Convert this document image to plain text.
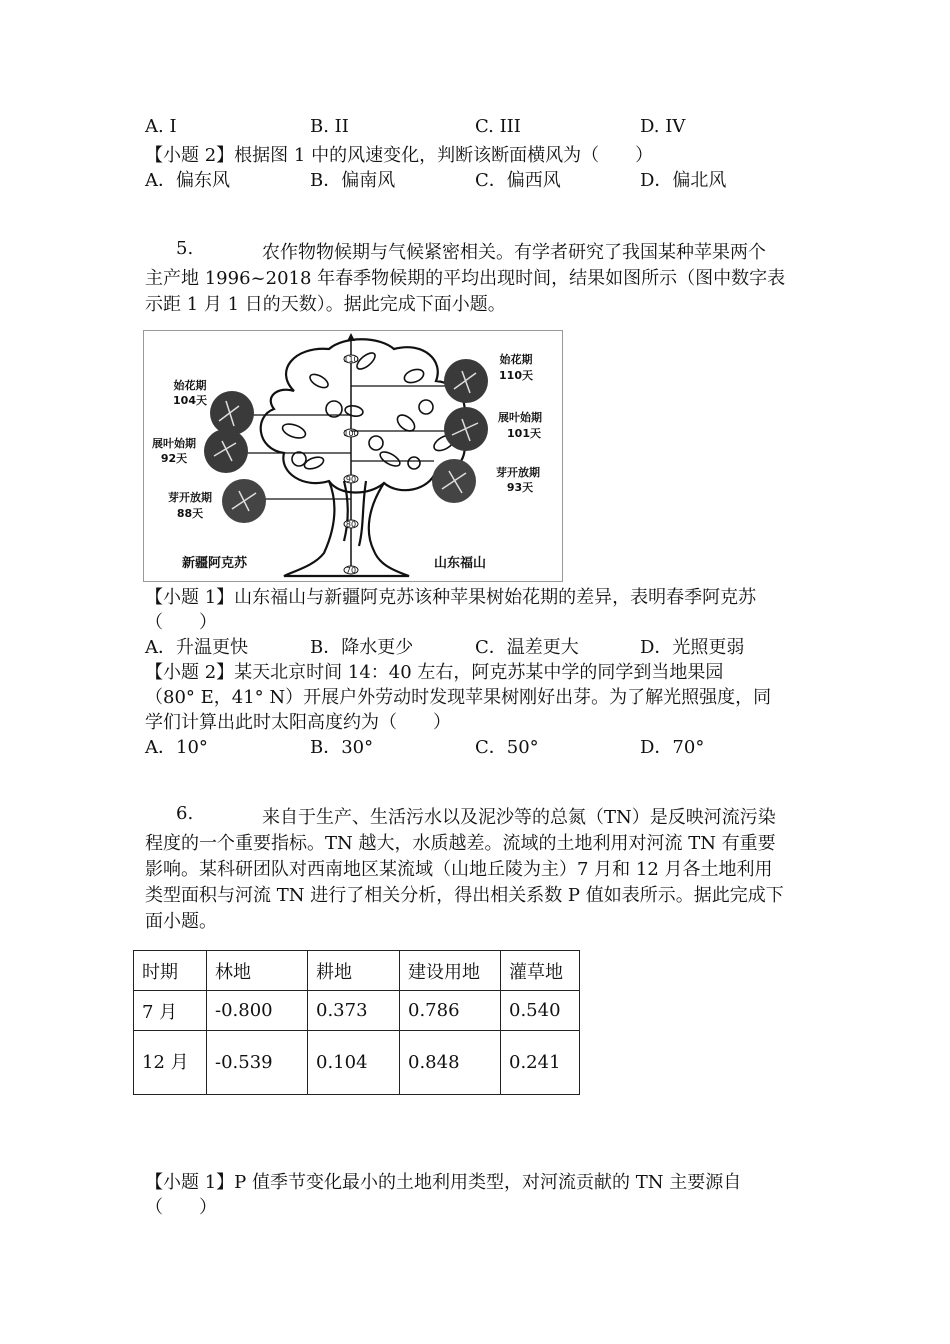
A. I	B. II	C. III	D. IV
【小题 2】根据图 1 中的风速变化，判断该断面横风为（　　）
A．偏东风	B．偏南风	C．偏西风	D．偏北风
5.	农作物物候期与气候紧密相关。有学者研究了我国某种苹果两个
主产地 1996~2018 年春季物候期的平均出现时间，结果如图所示（图中数字表
示距 1 月 1 日的天数）。据此完成下面小题。
110
100
90
80
70
始花期
104天
展叶始期
92天
芽开放期
88天
始花期
110天
展叶始期
101天
芽开放期
93天
新疆阿克苏	山东福山
【小题 1】山东福山与新疆阿克苏该种苹果树始花期的差异，表明春季阿克苏
（　　）
A．升温更快	B．降水更少	C．温差更大	D．光照更弱
【小题 2】某天北京时间 14：40 左右，阿克苏某中学的同学到当地果园
（80° E，41° N）开展户外劳动时发现苹果树刚好出芽。为了解光照强度，同
学们计算出此时太阳高度约为（　　）
A．10°	B．30°	C．50°	D．70°
6.	来自于生产、生活污水以及泥沙等的总氮（TN）是反映河流污染
程度的一个重要指标。TN 越大，水质越差。流域的土地利用对河流 TN 有重要
影响。某科研团队对西南地区某流域（山地丘陵为主）7 月和 12 月各土地利用
类型面积与河流 TN 进行了相关分析，得出相关系数 P 值如表所示。据此完成下
面小题。
时期	林地	耕地	建设用地	灌草地
7 月	-0.800	0.373	0.786	0.540
12 月	-0.539	0.104	0.848	0.241
【小题 1】P 值季节变化最小的土地利用类型，对河流贡献的 TN 主要源自
（　　）
